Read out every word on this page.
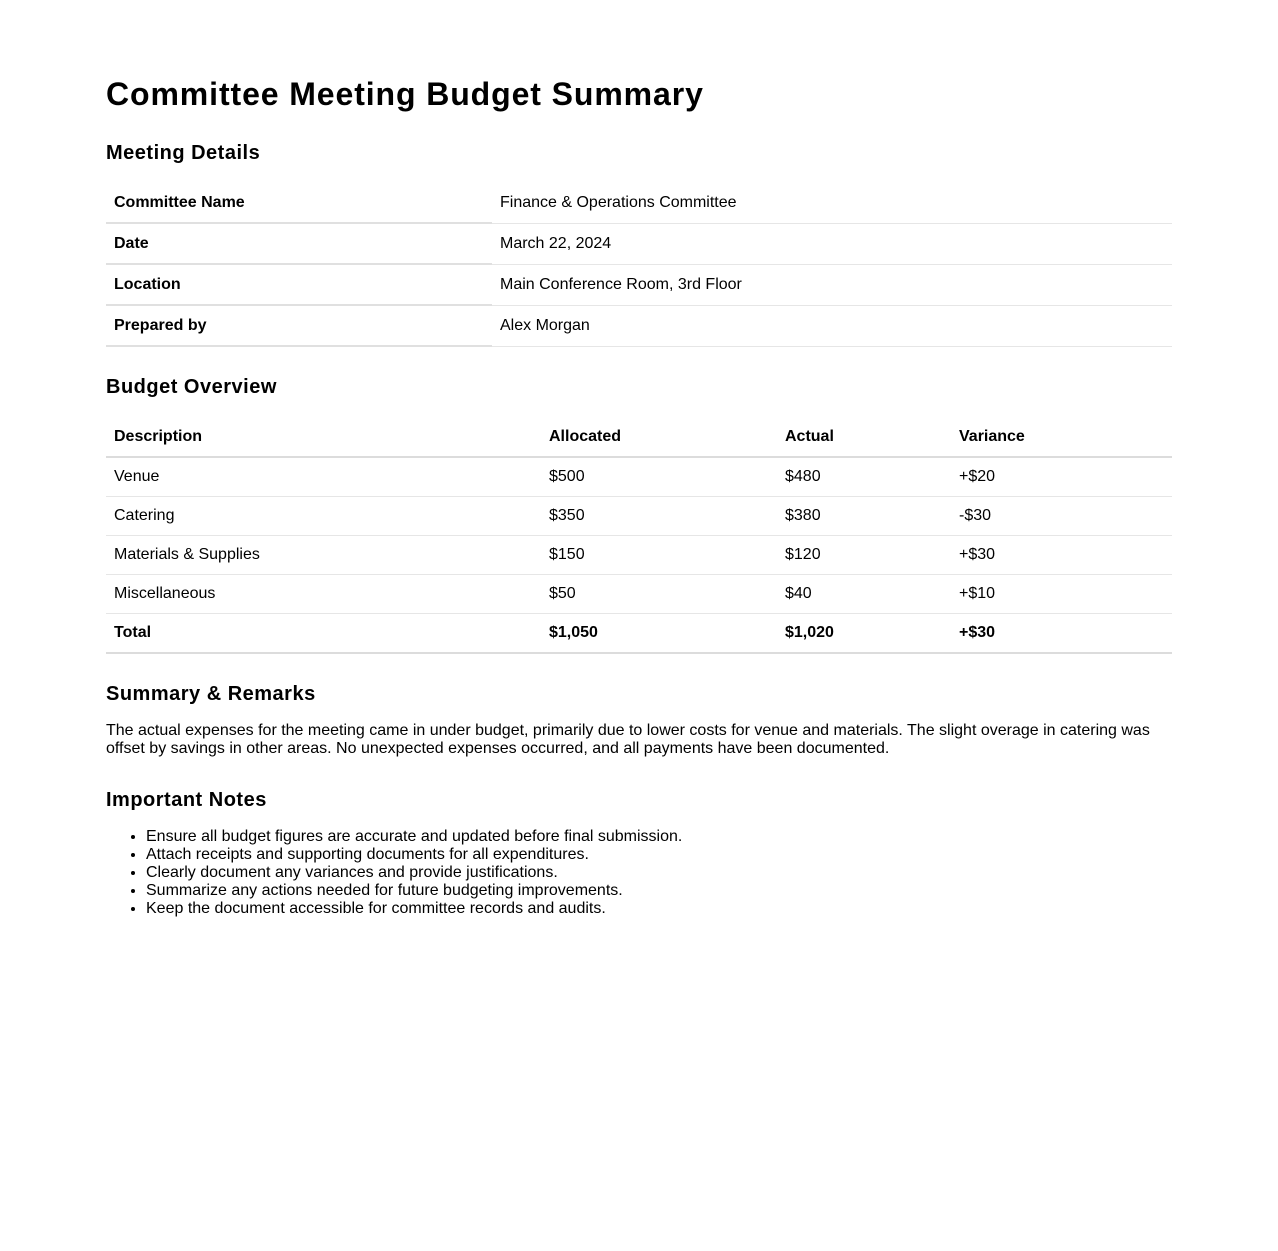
Committee Meeting Budget Summary
Meeting Details
Committee Name	Finance & Operations Committee
Date	March 22, 2024
Location	Main Conference Room, 3rd Floor
Prepared by	Alex Morgan
Budget Overview
Description	Allocated	Actual	Variance
Venue	$500	$480	+$20
Catering	$350	$380	-$30
Materials & Supplies	$150	$120	+$30
Miscellaneous	$50	$40	+$10
Total	$1,050	$1,020	+$30
Summary & Remarks

The actual expenses for the meeting came in under budget, primarily due to lower costs for venue and materials. The slight overage in catering was offset by savings in other areas. No unexpected expenses occurred, and all payments have been documented.

Important Notes
• Ensure all budget figures are accurate and updated before final submission.
• Attach receipts and supporting documents for all expenditures.
• Clearly document any variances and provide justifications.
• Summarize any actions needed for future budgeting improvements.
• Keep the document accessible for committee records and audits.
